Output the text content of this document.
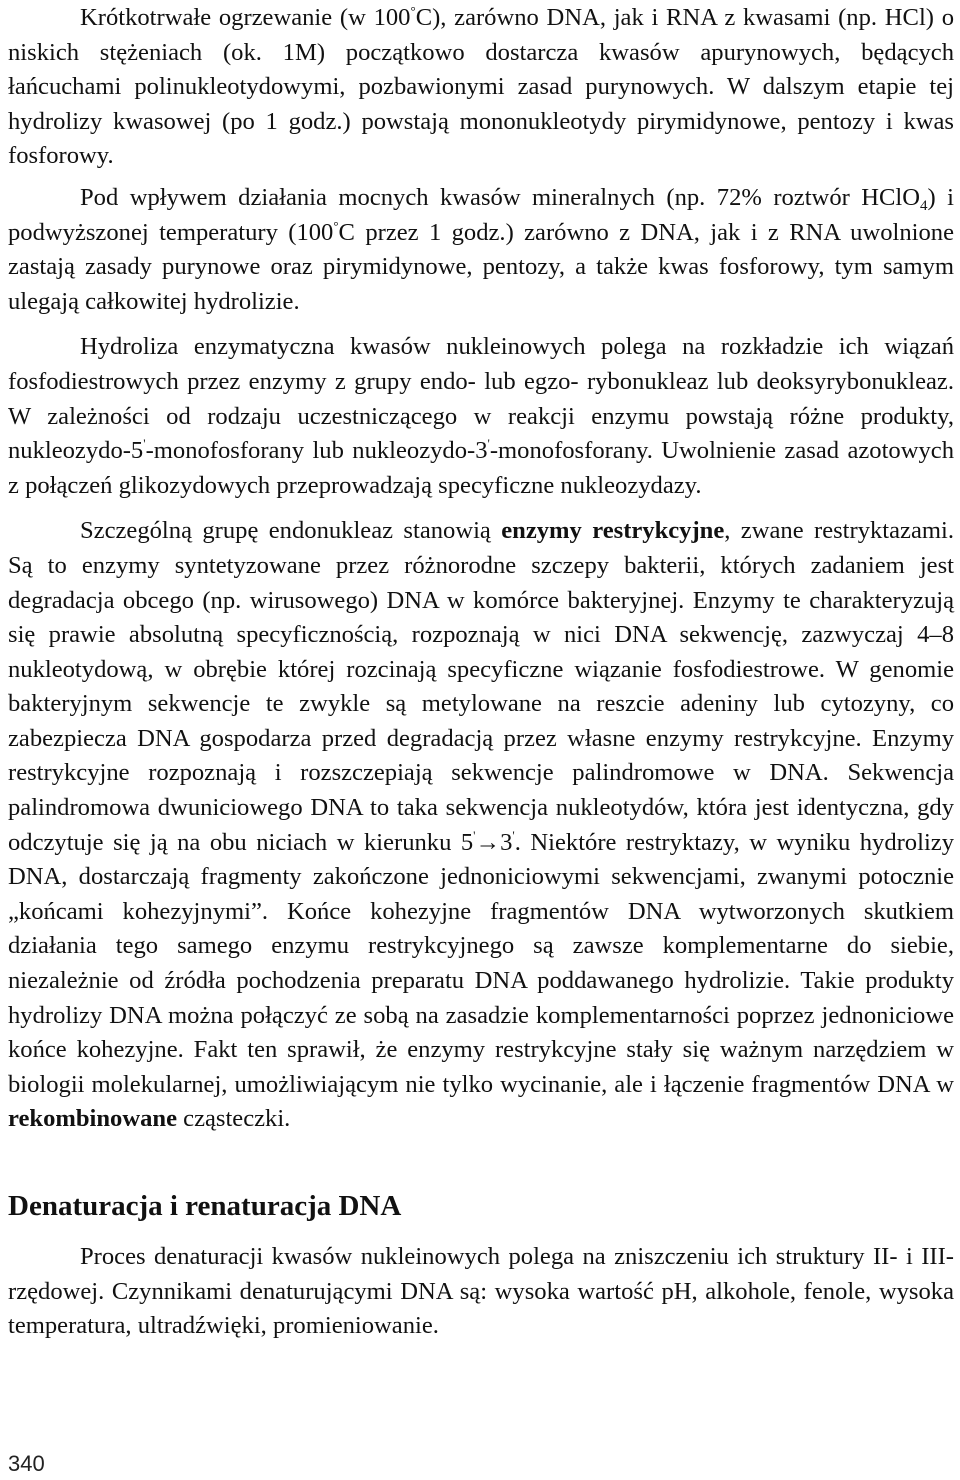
Krótkotrwałe ogrzewanie (w 100°C), zarówno DNA, jak i RNA z kwasami (np. HCl) o niskich stężeniach (ok. 1M) początkowo dostarcza kwasów apurynowych, będących łańcuchami polinukleotydowymi, pozbawionymi zasad purynowych. W dalszym etapie tej hydrolizy kwasowej (po 1 godz.) powstają mononukleotydy pirymidynowe, pentozy i kwas fosforowy.

Pod wpływem działania mocnych kwasów mineralnych (np. 72% roztwór HClO$_4$) i podwyższonej temperatury (100°C przez 1 godz.) zarówno z DNA, jak i z RNA uwolnione zastają zasady purynowe oraz pirymidynowe, pentozy, a także kwas fosforowy, tym samym ulegają całkowitej hydrolizie.

Hydroliza enzymatyczna kwasów nukleinowych polega na rozkładzie ich wiązań fosfodiestrowych przez enzymy z grupy endo- lub egzo- rybonukleaz lub deoksyrybonukleaz. W zależności od rodzaju uczestniczącego w reakcji enzymu powstają różne produkty, nukleozydo-5'-monofosforany lub nukleozydo-3'-monofosforany. Uwolnienie zasad azotowych z połączeń glikozydowych przeprowadzają specyficzne nukleozydazy.

Szczególną grupę endonukleaz stanowią enzymy restrykcyjne, zwane restryktazami. Są to enzymy syntetyzowane przez różnorodne szczepy bakterii, których zadaniem jest degradacja obcego (np. wirusowego) DNA w komórce bakteryjnej. Enzymy te charakteryzują się prawie absolutną specyficznością, rozpoznają w nici DNA sekwencję, zazwyczaj 4–8 nukleotydową, w obrębie której rozcinają specyficzne wiązanie fosfodiestrowe. W genomie bakteryjnym sekwencje te zwykle są metylowane na reszcie adeniny lub cytozyny, co zabezpiecza DNA gospodarza przed degradacją przez własne enzymy restrykcyjne. Enzymy restrykcyjne rozpoznają i rozszczepiają sekwencje palindromowe w DNA. Sekwencja palindromowa dwuniciowego DNA to taka sekwencja nukleotydów, która jest identyczna, gdy odczytuje się ją na obu niciach w kierunku 5'→3'. Niektóre restryktazy, w wyniku hydrolizy DNA, dostarczają fragmenty zakończone jednoniciowymi sekwencjami, zwanymi potocznie „końcami kohezyjnymi”. Końce kohezyjne fragmentów DNA wytworzonych skutkiem działania tego samego enzymu restrykcyjnego są zawsze komplementarne do siebie, niezależnie od źródła pochodzenia preparatu DNA poddawanego hydrolizie. Takie produkty hydrolizy DNA można połączyć ze sobą na zasadzie komplementarności poprzez jednoniciowe końce kohezyjne. Fakt ten sprawił, że enzymy restrykcyjne stały się ważnym narzędziem w biologii molekularnej, umożliwiającym nie tylko wycinanie, ale i łączenie fragmentów DNA w rekombinowane cząsteczki.

Denaturacja i renaturacja DNA

Proces denaturacji kwasów nukleinowych polega na zniszczeniu ich struktury II- i III-rzędowej. Czynnikami denaturującymi DNA są: wysoka wartość pH, alkohole, fenole, wysoka temperatura, ultradźwięki, promieniowanie.

340
